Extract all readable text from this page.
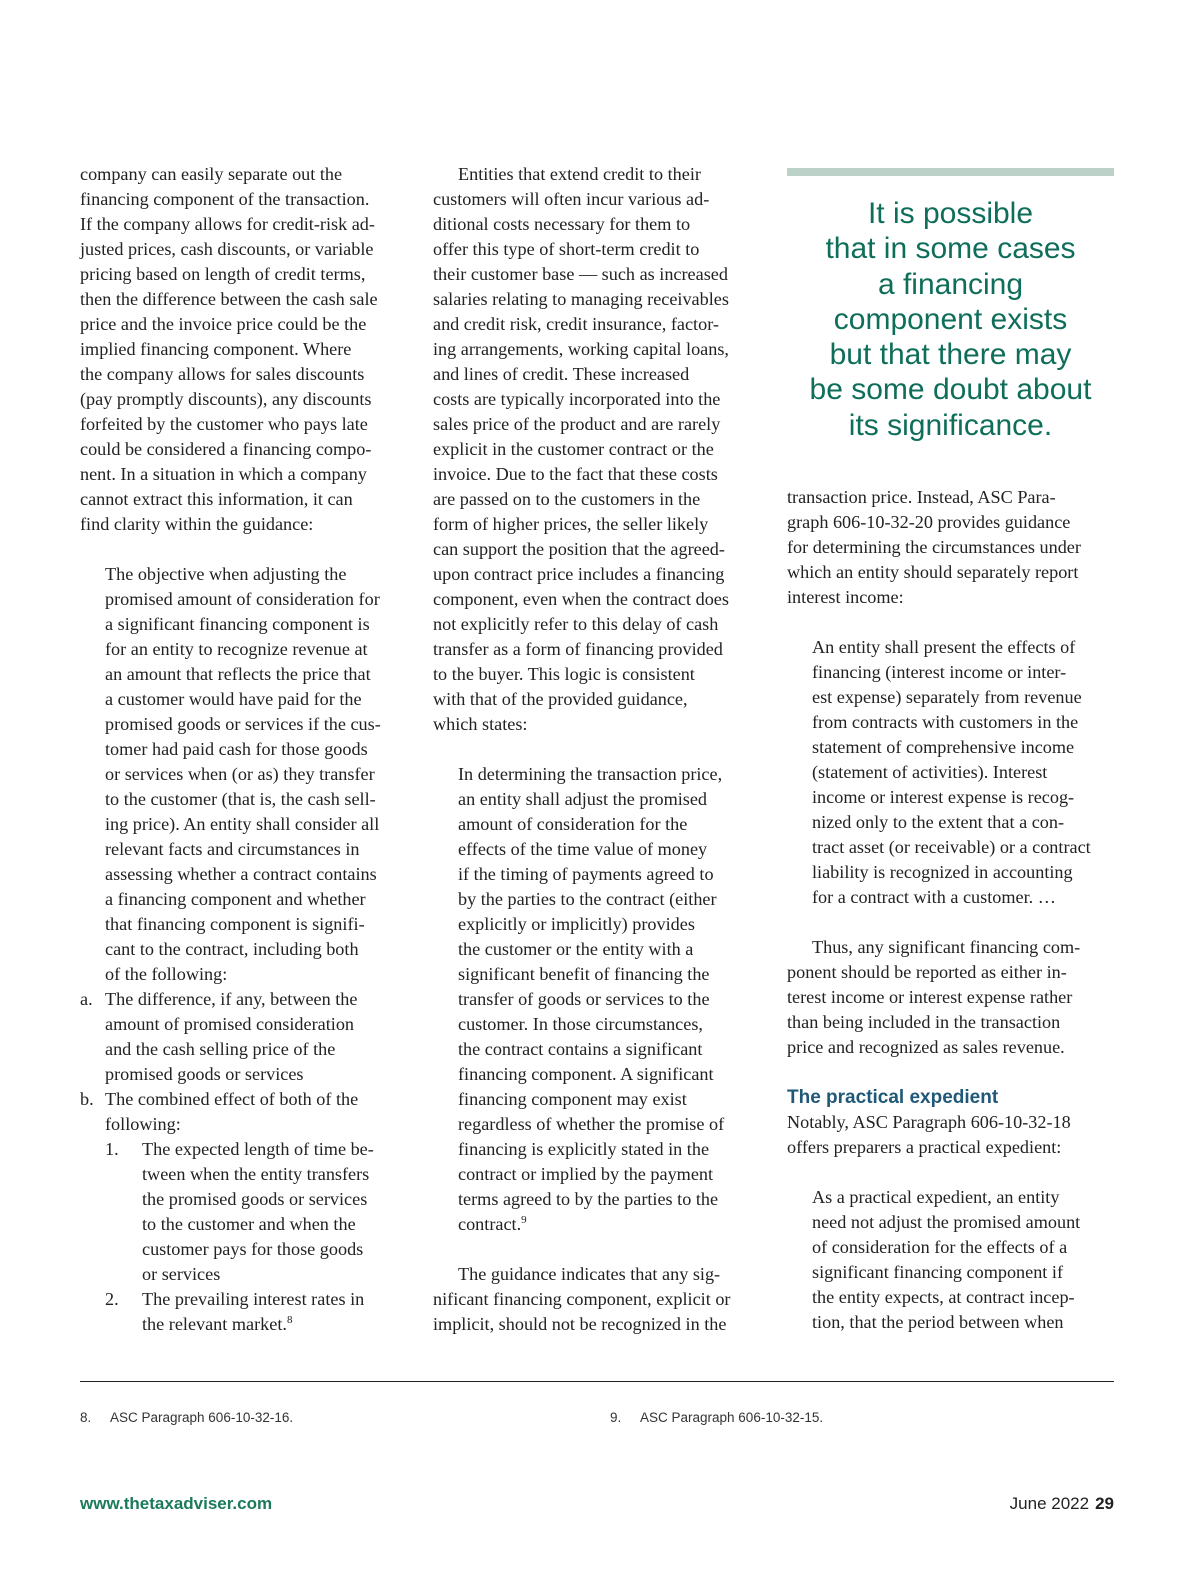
company can easily separate out the
financing component of the transaction.
If the company allows for credit-risk ad-
justed prices, cash discounts, or variable
pricing based on length of credit terms,
then the difference between the cash sale
price and the invoice price could be the
implied financing component. Where
the company allows for sales discounts
(pay promptly discounts), any discounts
forfeited by the customer who pays late
could be considered a financing compo-
nent. In a situation in which a company
cannot extract this information, it can
find clarity within the guidance:
The objective when adjusting the
promised amount of consideration for
a significant financing component is
for an entity to recognize revenue at
an amount that reflects the price that
a customer would have paid for the
promised goods or services if the cus-
tomer had paid cash for those goods
or services when (or as) they transfer
to the customer (that is, the cash sell-
ing price). An entity shall consider all
relevant facts and circumstances in
assessing whether a contract contains
a financing component and whether
that financing component is signifi-
cant to the contract, including both
of the following:
a. The difference, if any, between the
amount of promised consideration
and the cash selling price of the
promised goods or services
b. The combined effect of both of the
following:
1.	The expected length of time be-
tween when the entity transfers
the promised goods or services
to the customer and when the
customer pays for those goods
or services
2.	The prevailing interest rates in
the relevant market.$^8$
Entities that extend credit to their
customers will often incur various ad-
ditional costs necessary for them to
offer this type of short-term credit to
their customer base — such as increased
salaries relating to managing receivables
and credit risk, credit insurance, factor-
ing arrangements, working capital loans,
and lines of credit. These increased
costs are typically incorporated into the
sales price of the product and are rarely
explicit in the customer contract or the
invoice. Due to the fact that these costs
are passed on to the customers in the
form of higher prices, the seller likely
can support the position that the agreed-
upon contract price includes a financing
component, even when the contract does
not explicitly refer to this delay of cash
transfer as a form of financing provided
to the buyer. This logic is consistent
with that of the provided guidance,
which states:
In determining the transaction price,
an entity shall adjust the promised
amount of consideration for the
effects of the time value of money
if the timing of payments agreed to
by the parties to the contract (either
explicitly or implicitly) provides
the customer or the entity with a
significant benefit of financing the
transfer of goods or services to the
customer. In those circumstances,
the contract contains a significant
financing component. A significant
financing component may exist
regardless of whether the promise of
financing is explicitly stated in the
contract or implied by the payment
terms agreed to by the parties to the
contract.$^9$
The guidance indicates that any sig-
nificant financing component, explicit or
implicit, should not be recognized in the
It is possible
that in some cases
a financing
component exists
but that there may
be some doubt about
its significance.
transaction price. Instead, ASC Para-
graph 606-10-32-20 provides guidance
for determining the circumstances under
which an entity should separately report
interest income:
An entity shall present the effects of
financing (interest income or inter-
est expense) separately from revenue
from contracts with customers in the
statement of comprehensive income
(statement of activities). Interest
income or interest expense is recog-
nized only to the extent that a con-
tract asset (or receivable) or a contract
liability is recognized in accounting
for a contract with a customer. …
Thus, any significant financing com-
ponent should be reported as either in-
terest income or interest expense rather
than being included in the transaction
price and recognized as sales revenue.
The practical expedient
Notably, ASC Paragraph 606-10-32-18
offers preparers a practical expedient:
As a practical expedient, an entity
need not adjust the promised amount
of consideration for the effects of a
significant financing component if
the entity expects, at contract incep-
tion, that the period between when
8. ASC Paragraph 606-10-32-16.	9. ASC Paragraph 606-10-32-15.
www.thetaxadviser.com	June 2022 29
